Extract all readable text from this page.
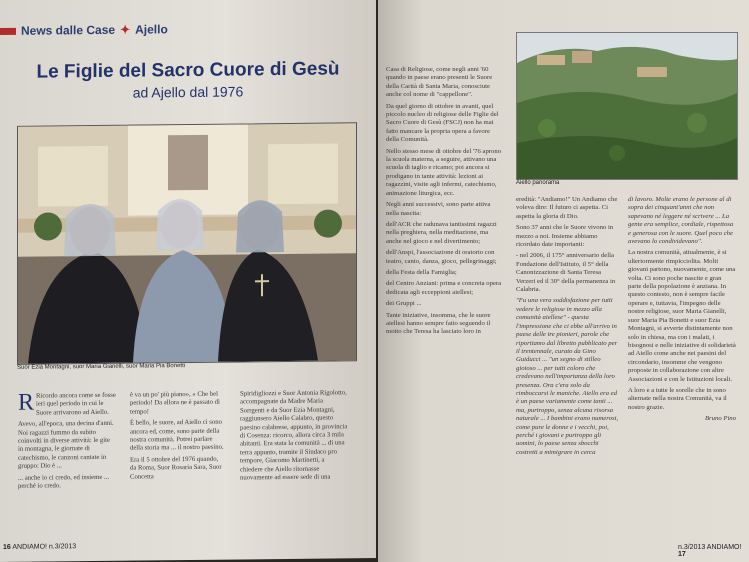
News dalle Case ✦ Ajello
Le Figlie del Sacro Cuore di Gesù
ad Ajello dal 1976
Suor Ezia Montagni, suor Maria Gianelli, suor Maria Pia Bonetti

R Ricordo ancora come se fosse ieri quel periodo in cui le Suore arrivarono ad Aiello.

Avevo, all'epoca, una decina d'anni. Noi ragazzi fummo da subito coinvolti in diverse attività: le gite in montagna, le giornate di catechismo, le canzoni cantate in gruppo: Dio è ...

... anche io ci credo, ed insieme ... perché io credo.

è va un po' più piano», « Che bel periodo! Da allora ne è passato di tempo!

È bello, le suore, ad Aiello ci sono ancora ed, come, sono parte della nostra comunità. Potrei parlare della storia ma ... il nostro paesino.

Era il 5 ottobre del 1976 quando, da Roma, Suor Rosaria Sara, Suor Concetta

Spiridigliozzi e Suor Antonia Rigolotto, accompagnate da Madre Maria Sorrgenti e da Suor Ezia Montagni, raggiunsero Aiello Calabro, questo paesino calabrese, appunto, in provincia di Cosenza: ricorco, allora circa 3 mila abitanti. Era stata la comunità ... di una terra appunto, tramite il Sindaco pro tempore, Giacomo Martinetti, a chiedere che Aiello ritornasse nuovamente ad essere sede di una

16 ANDIAMO! n.3/2013

Casa di Religiose, come negli anni '60 quando in paese erano presenti le Suore della Carità di Santa Maria, conosciute anche col nome di "cappellone".

Da quel giorno di ottobre in avanti, quel piccolo nucleo di religiose delle Figlie del Sacro Cuore di Gesù (FSCJ) non ha mai fatto mancare la propria opera a favore della Comunità.

Nello stesso mese di ottobre del '76 aprono la scuola materna, a seguire, attivano una scuola di taglio e ricamo; poi ancora si prodigano in tante attività: lezioni ai ragazzini, visite agli infermi, catechismo, animazione liturgica, ecc.

Negli anni successivi, sono parte attiva nella nascita:

dell'ACR che radunava tantissimi ragazzi nella preghiera, nella meditazione, ma anche nel gioco e nel divertimento;

dell'Anspi, l'associazione di oratorio con teatro, canto, danza, gioco, pellegrinaggi;

della Festa della Famiglia;

del Centro Anziani: prima e concreta opera dedicata agli ecceppioni aiellesi;

dei Gruppi ...

Tante iniziative, insomma, che le suore aiellesi hanno sempre fatto seguendo il motto che Teresa ha lasciato loro in

Aiello panorama

eredità: "Andiamo!" Un Andiamo che voleva dire: Il futuro ci aspetta. Ci aspetta la gloria di Dio.

Sono 37 anni che le Suore vivono in mezzo a noi. Insieme abbiamo ricordato date importanti:

- nel 2006, il 175° anniversario della Fondazione dell'Istituto, il 5° della Canonizzazione di Santa Teresa Verzeri ed il 30° della permanenza in Calabria.

"Fu una vera soddisfazione per tutti vedere le religiose in mezzo alla comunità aiellese" - questa l'impressione che ci ebbe all'arrivo in paese delle tre pionieri, parole che riportiamo dal libretto pubblicato per il trentennale, curato da Gino Guiducci ... "un segno di stilleo gioioso ... per tutti coloro che credevano nell'importanza della loro presenza. Ora c'era solo da rimboccarsi le maniche. Aiello era ed è un paese variamente come tanti ... ma, purtroppo, senza alcuna risorsa naturale ... I bambini erano numerosi, come pure le donne e i vecchi, poi, perché i giovani e purtroppo gli uomini, lo paese senza sbocchi costretti a mimigrare in cerca

di lavoro. Molte erano le persone al di sopra dei cinquant'anni che non sapevano né leggere né scrivere ... La gente era semplice, cordiale, rispettosa e generosa con le suore. Quel poco che avevano lo condividevano".

La nostra comunità, attualmente, è si ulteriormente rimpicciolita. Molti giovani partono, nuovamente, come una volta. Ci sono poche nascite e gran parte della popolazione è anziana. In questo contesto, non è sempre facile operare e, tuttavia, l'impegno delle nostre religiose, suor Maria Gianelli, suor Maria Pia Bonetti e suor Ezia Montagni, si avverte distintamente non solo in chiesa, ma con i malati, i bisognosi e nelle iniziative di solidarietà ad Aiello come anche nei paesini del circondario, insomme che vengono proposte in collaborazione con altre Associazioni e con le Istituzioni locali.

A loro e a tutte le sorelle che in sono alternate nella nostra Comunità, va il nostro grazie.

Bruno Pino

n.3/2013 ANDIAMO! 17
